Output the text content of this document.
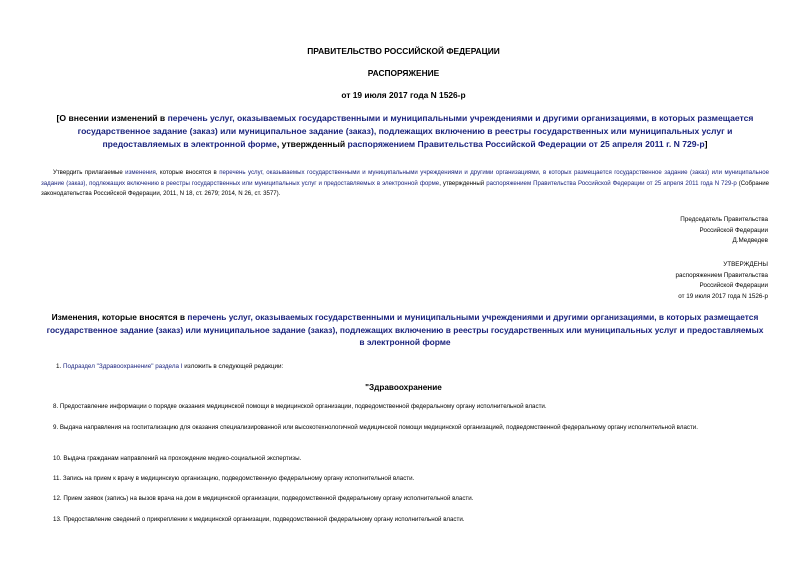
ПРАВИТЕЛЬСТВО РОССИЙСКОЙ ФЕДЕРАЦИИ
РАСПОРЯЖЕНИЕ
от 19 июля 2017 года N 1526-р
[О внесении изменений в перечень услуг, оказываемых государственными и муниципальными учреждениями и другими организациями, в которых размещается государственное задание (заказ) или муниципальное задание (заказ), подлежащих включению в реестры государственных или муниципальных услуг и предоставляемых в электронной форме, утвержденный распоряжением Правительства Российской Федерации от 25 апреля 2011 г. N 729-р]
Утвердить прилагаемые изменения, которые вносятся в перечень услуг, оказываемых государственными и муниципальными учреждениями и другими организациями, в которых размещается государственное задание (заказ) или муниципальное задание (заказ), подлежащих включению в реестры государственных или муниципальных услуг и предоставляемых в электронной форме, утвержденный распоряжением Правительства Российской Федерации от 25 апреля 2011 года N 729-р (Собрание законодательства Российской Федерации, 2011, N 18, ст. 2679; 2014, N 26, ст. 3577).
Председатель Правительства
Российской Федерации
Д.Медведев
УТВЕРЖДЕНЫ
распоряжением Правительства
Российской Федерации
от 19 июля 2017 года N 1526-р
Изменения, которые вносятся в перечень услуг, оказываемых государственными и муниципальными учреждениями и другими организациями, в которых размещается государственное задание (заказ) или муниципальное задание (заказ), подлежащих включению в реестры государственных или муниципальных услуг и предоставляемых в электронной форме
1. Подраздел "Здравоохранение" раздела I изложить в следующей редакции:
"Здравоохранение
8. Предоставление информации о порядке оказания медицинской помощи в медицинской организации, подведомственной федеральному органу исполнительной власти.
9. Выдача направления на госпитализацию для оказания специализированной или высокотехнологичной медицинской помощи медицинской организацией, подведомственной федеральному органу исполнительной власти.
10. Выдача гражданам направлений на прохождение медико-социальной экспертизы.
11. Запись на прием к врачу в медицинскую организацию, подведомственную федеральному органу исполнительной власти.
12. Прием заявок (запись) на вызов врача на дом в медицинской организации, подведомственной федеральному органу исполнительной власти.
13. Предоставление сведений о прикреплении к медицинской организации, подведомственной федеральному органу исполнительной власти.
